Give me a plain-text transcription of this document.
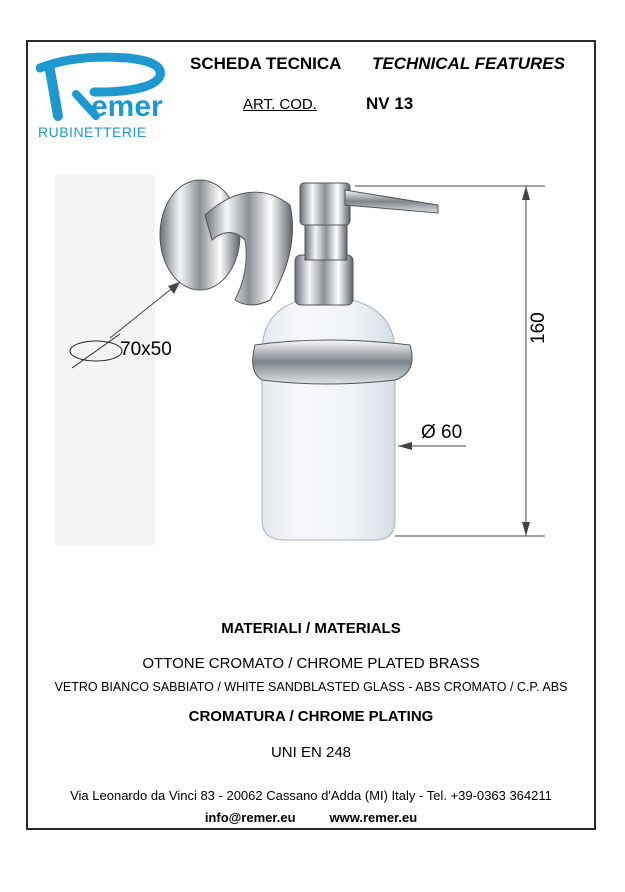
emer
RUBINETTERIE
SCHEDA TECNICA TECHNICAL FEATURES
ART. COD.	NV 13
70x50
Ø 60
160
MATERIALI / MATERIALS
OTTONE CROMATO / CHROME PLATED BRASS
VETRO BIANCO SABBIATO / WHITE SANDBLASTED GLASS - ABS CROMATO / C.P. ABS
CROMATURA / CHROME PLATING
UNI EN 248
Via Leonardo da Vinci 83 - 20062 Cassano d'Adda (MI) Italy - Tel. +39-0363 364211
info@remer.eu	www.remer.eu
